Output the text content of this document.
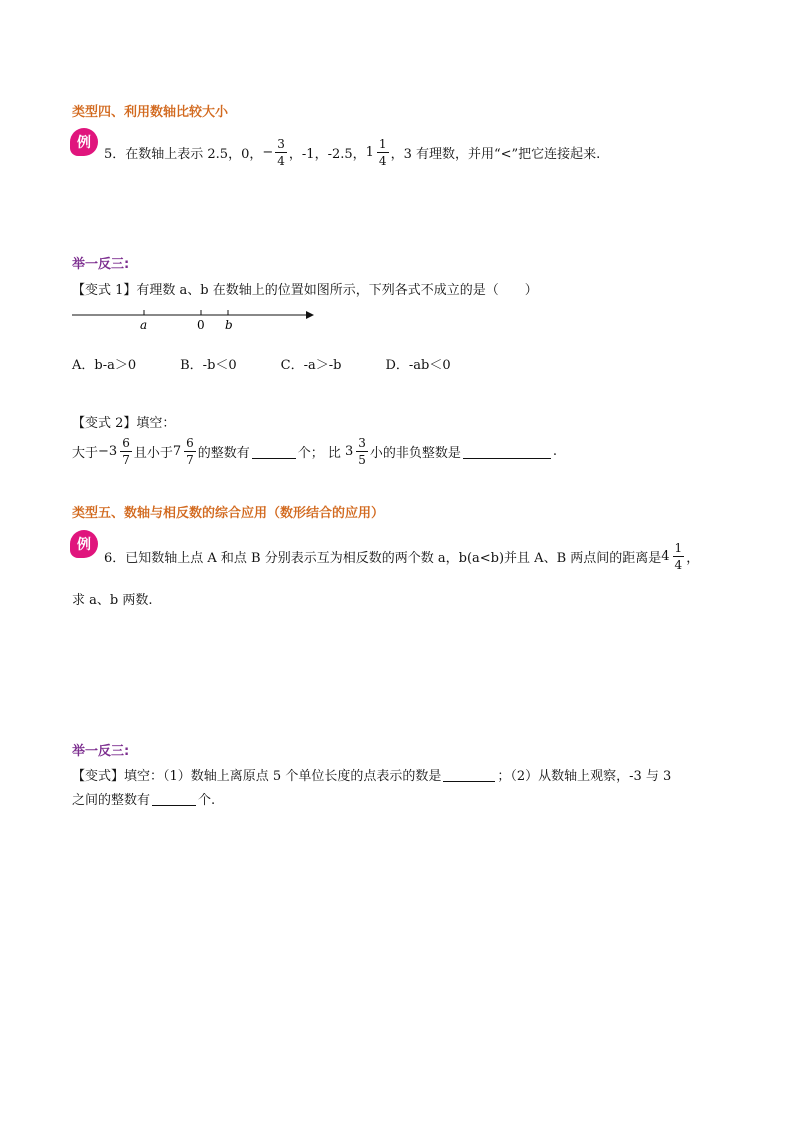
类型四、利用数轴比较大小
例
5．在数轴上表示 2.5，0， − $\frac{3}{4}$ ，-1，-2.5， $1 \frac{1}{4}$ ，3 有理数，并用“<”把它连接起来.
举一反三:
【变式 1】 有理数 a、b 在数轴上的位置如图所示，下列各式不成立的是（　　）
a	0 b
A．b-a＞0	B．-b＜0	C．-a＞-b	D．-ab＜0
【变式 2】 填空：
大于 − $3 \frac{6}{7}$ 且小于 $7 \frac{6}{7}$ 的整数有	个； 比 $3 \frac{3}{5}$ 小的非负整数是	.
类型五、数轴与相反数的综合应用（数形结合的应用）
例
6．已知数轴上点 A 和点 B 分别表示互为相反数的两个数 a，b(a<b)并且 A、B 两点间的距离是 $4 \frac{1}{4}$ ，
求 a、b 两数.
举一反三:
【变式】 填空：（1）数轴上离原点 5 个单位长度的点表示的数是	；（2）从数轴上观察，-3 与 3
之间的整数有	个.
